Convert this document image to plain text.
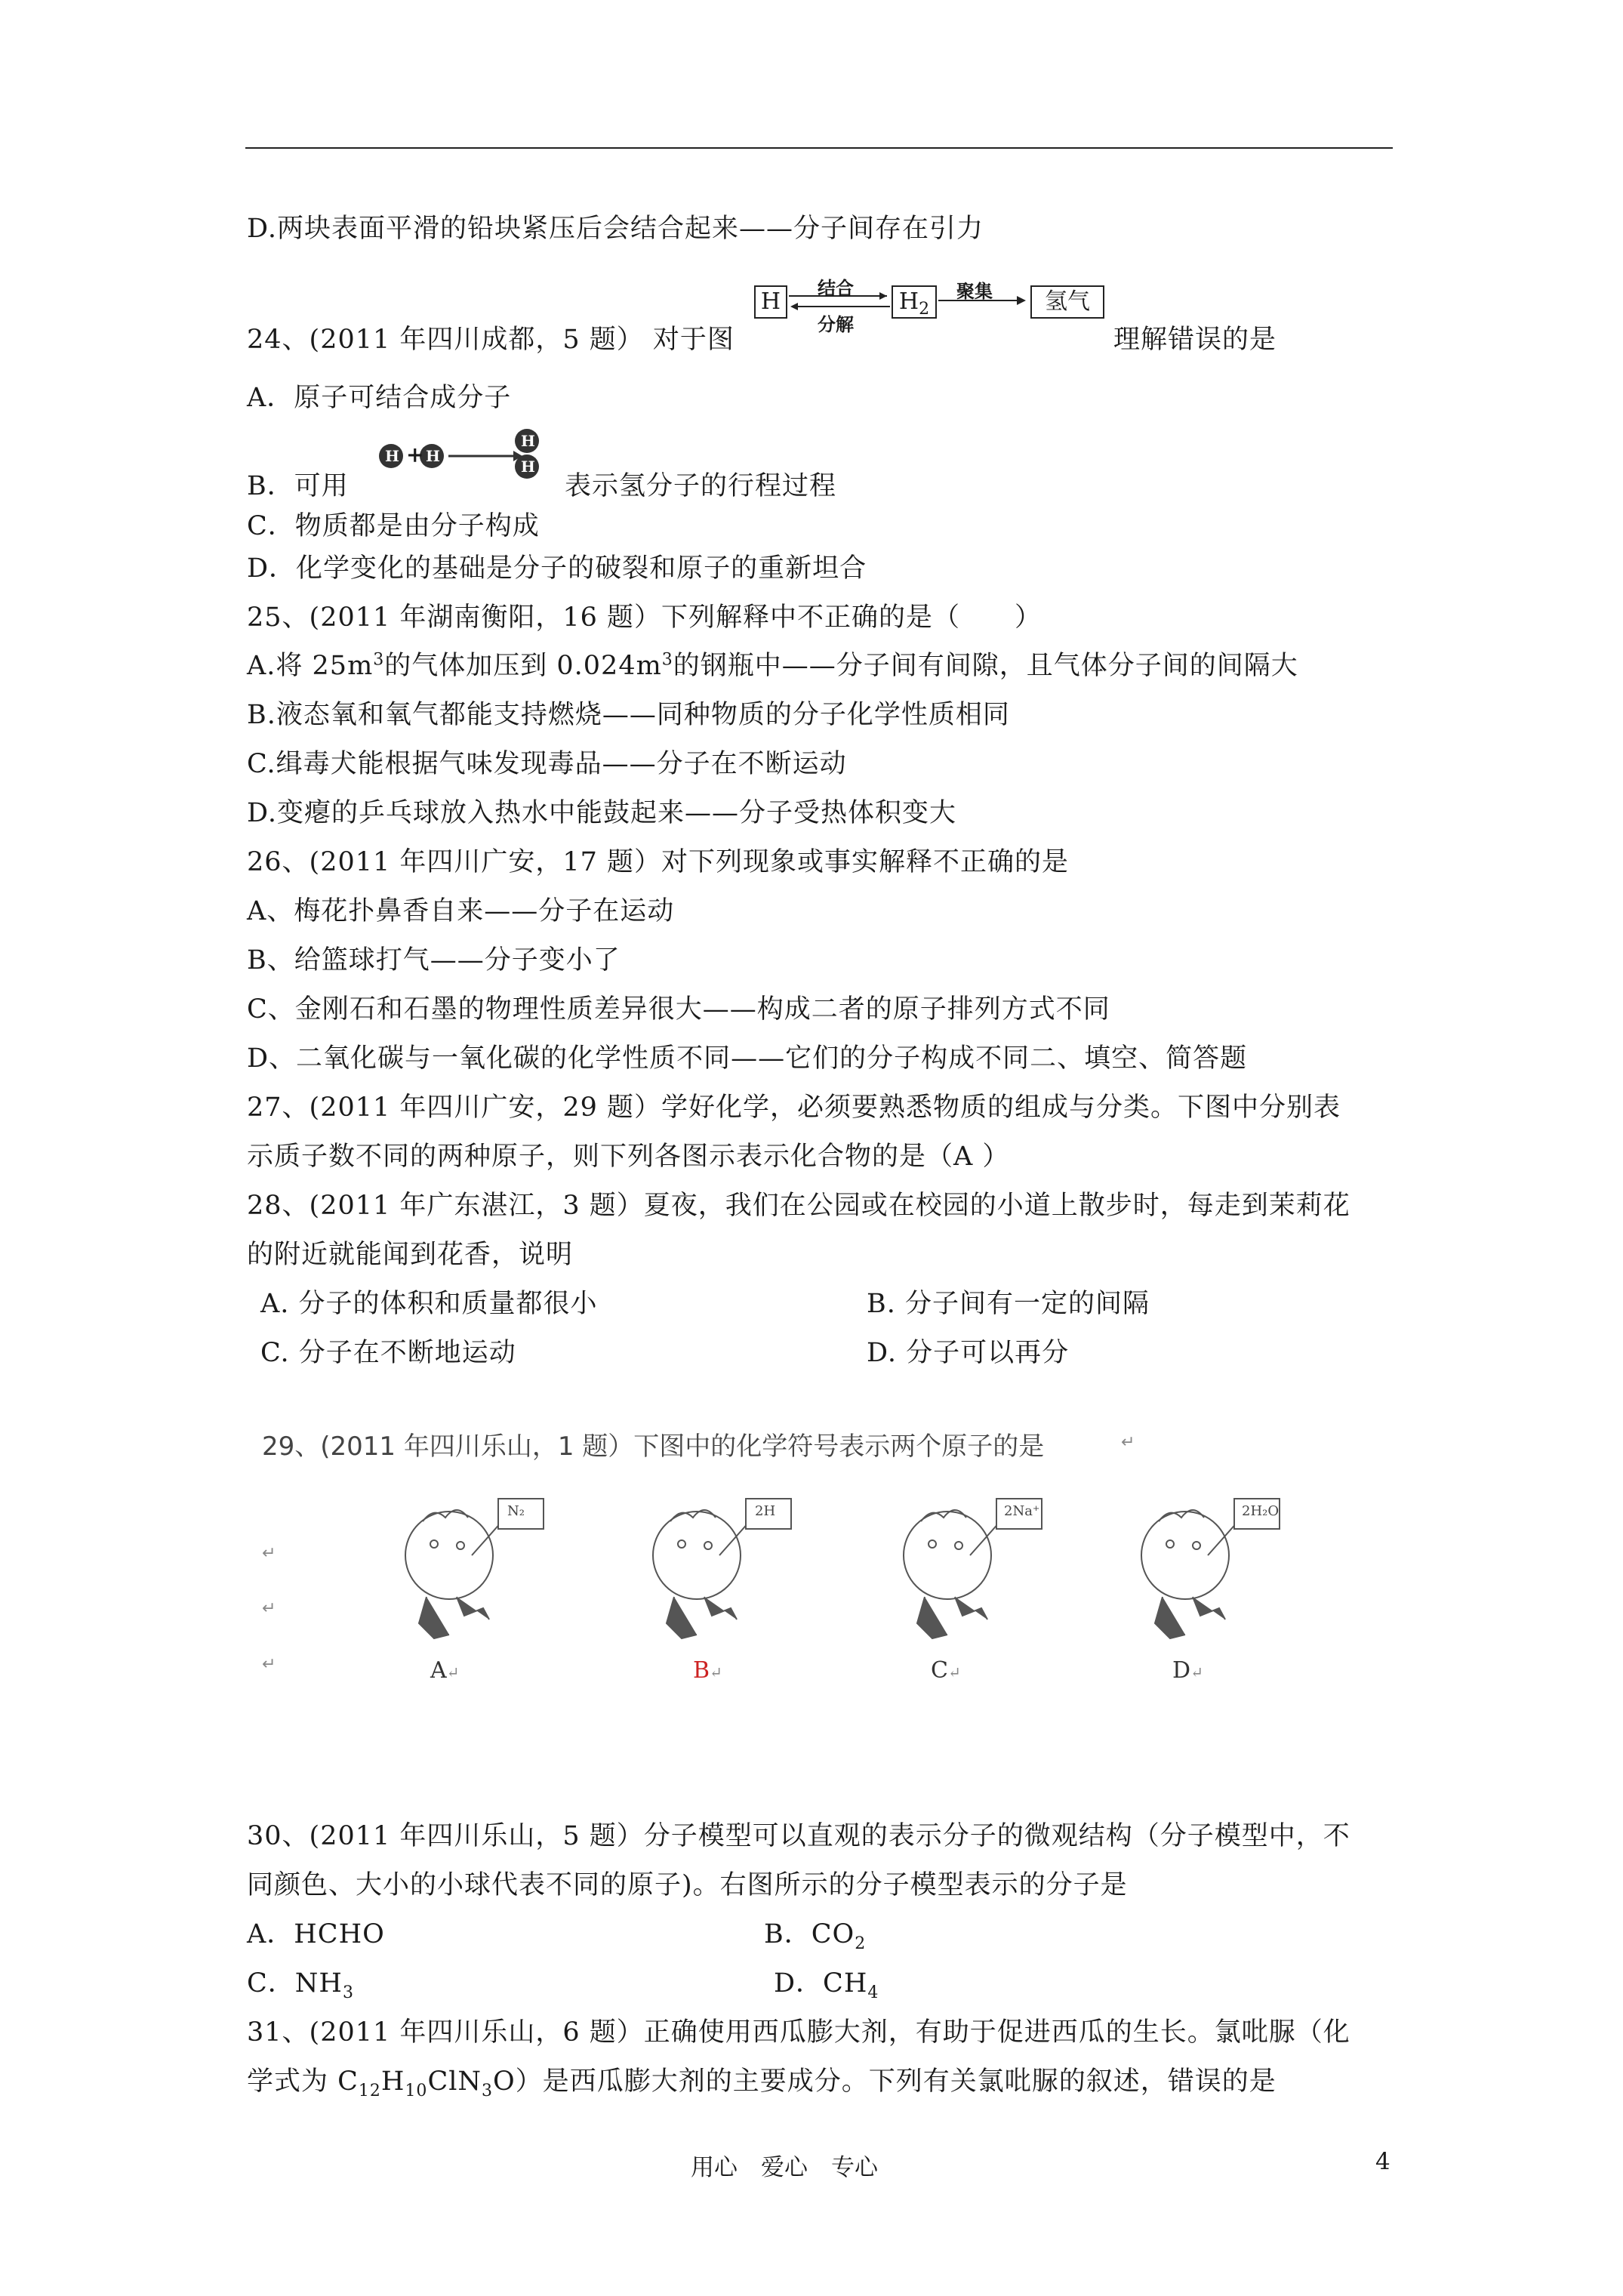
D.两块表面平滑的铅块紧压后会结合起来——分子间存在引力
24、(2011 年四川成都，5 题） 对于图
H	$H_2$	氢气
结合
分解
聚集
理解错误的是
A．原子可结合成分子
B．可用
H + H
H
H
表示氢分子的行程过程
C．物质都是由分子构成
D．化学变化的基础是分子的破裂和原子的重新坦合
25、(2011 年湖南衡阳，16 题）下列解释中不正确的是（　　）
A.将 $25m^3$的气体加压到 $0.024m^3$的钢瓶中——分子间有间隙，且气体分子间的间隔大
B.液态氧和氧气都能支持燃烧——同种物质的分子化学性质相同
C.缉毒犬能根据气味发现毒品——分子在不断运动
D.变瘪的乒乓球放入热水中能鼓起来——分子受热体积变大
26、(2011 年四川广安，17 题）对下列现象或事实解释不正确的是
A、梅花扑鼻香自来——分子在运动
B、给篮球打气——分子变小了
C、金刚石和石墨的物理性质差异很大——构成二者的原子排列方式不同
D、二氧化碳与一氧化碳的化学性质不同——它们的分子构成不同二、填空、简答题
27、(2011 年四川广安，29 题）学好化学，必须要熟悉物质的组成与分类。下图中分别表
示质子数不同的两种原子，则下列各图示表示化合物的是（A ）
28、(2011 年广东湛江，3 题）夏夜，我们在公园或在校园的小道上散步时，每走到茉莉花
的附近就能闻到花香，说明
A. 分子的体积和质量都很小	B. 分子间有一定的间隔
C. 分子在不断地运动	D. 分子可以再分
29、(2011 年四川乐山，1 题）下图中的化学符号表示两个原子的是	↵
↵
↵
↵
N₂	2H	2Na⁺	2H₂O
A↵	B↵	C↵	D↵
30、(2011 年四川乐山，5 题）分子模型可以直观的表示分子的微观结构（分子模型中，不
同颜色、大小的小球代表不同的原子)。右图所示的分子模型表示的分子是
A．HCHO	B．$CO_2$
C．$NH_3$	D．$CH_4$
31、(2011 年四川乐山，6 题）正确使用西瓜膨大剂，有助于促进西瓜的生长。氯吡脲（化
学式为 $C_{12}H_{10}ClN_3O$）是西瓜膨大剂的主要成分。下列有关氯吡脲的叙述，错误的是
用心　爱心　专心	4
